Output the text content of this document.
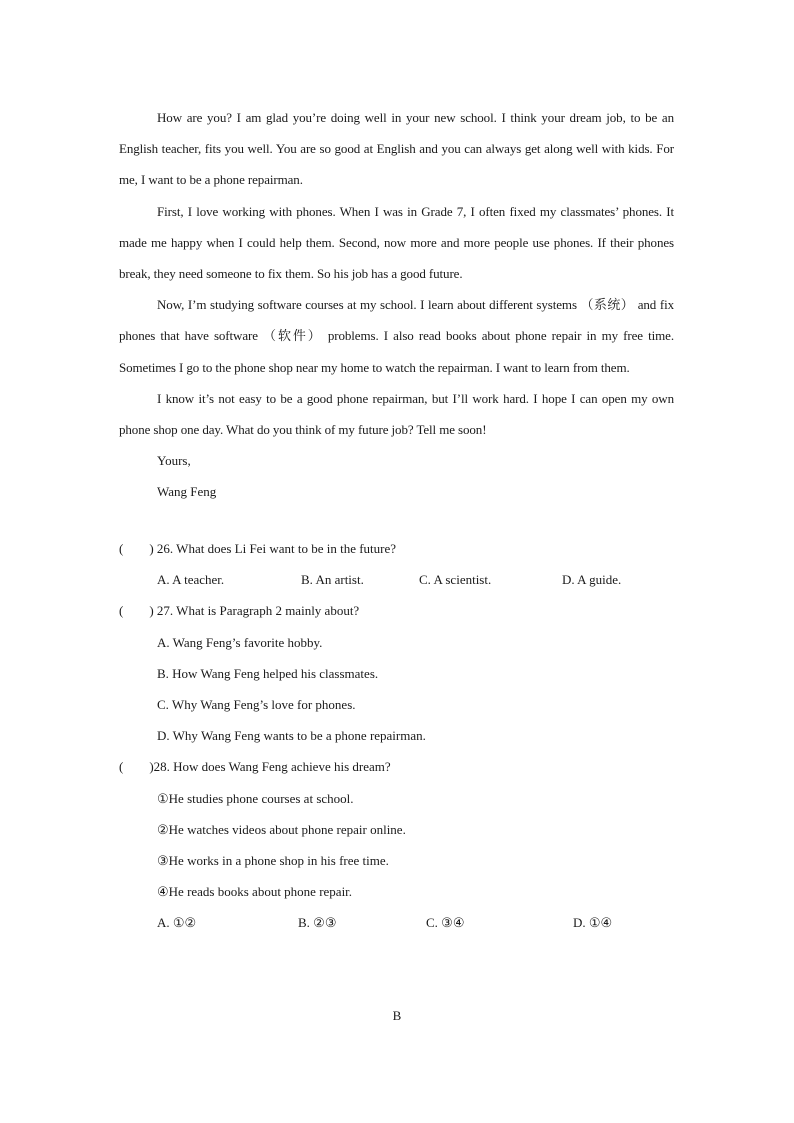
How are you? I am glad you’re doing well in your new school. I think your dream job, to be an English teacher, fits you well. You are so good at English and you can always get along well with kids. For me, I want to be a phone repairman.

First, I love working with phones. When I was in Grade 7, I often fixed my classmates’ phones. It made me happy when I could help them. Second, now more and more people use phones. If their phones break, they need someone to fix them. So his job has a good future.

Now, I’m studying software courses at my school. I learn about different systems （系统） and fix phones that have software （软件） problems. I also read books about phone repair in my free time. Sometimes I go to the phone shop near my home to watch the repairman. I want to learn from them.

I know it’s not easy to be a good phone repairman, but I’ll work hard. I hope I can open my own phone shop one day. What do you think of my future job? Tell me soon!

Yours,

Wang Feng

(　　) 26. What does Li Fei want to be in the future?

A. A teacher.	B. An artist.	C. A scientist.	D. A guide.

(　　) 27. What is Paragraph 2 mainly about?

A. Wang Feng’s favorite hobby.

B. How Wang Feng helped his classmates.

C. Why Wang Feng’s love for phones.

D. Why Wang Feng wants to be a phone repairman.

(　　)28. How does Wang Feng achieve his dream?

①He studies phone courses at school.

②He watches videos about phone repair online.

③He works in a phone shop in his free time.

④He reads books about phone repair.

A. ①②	B. ②③	C. ③④	D. ①④
B
